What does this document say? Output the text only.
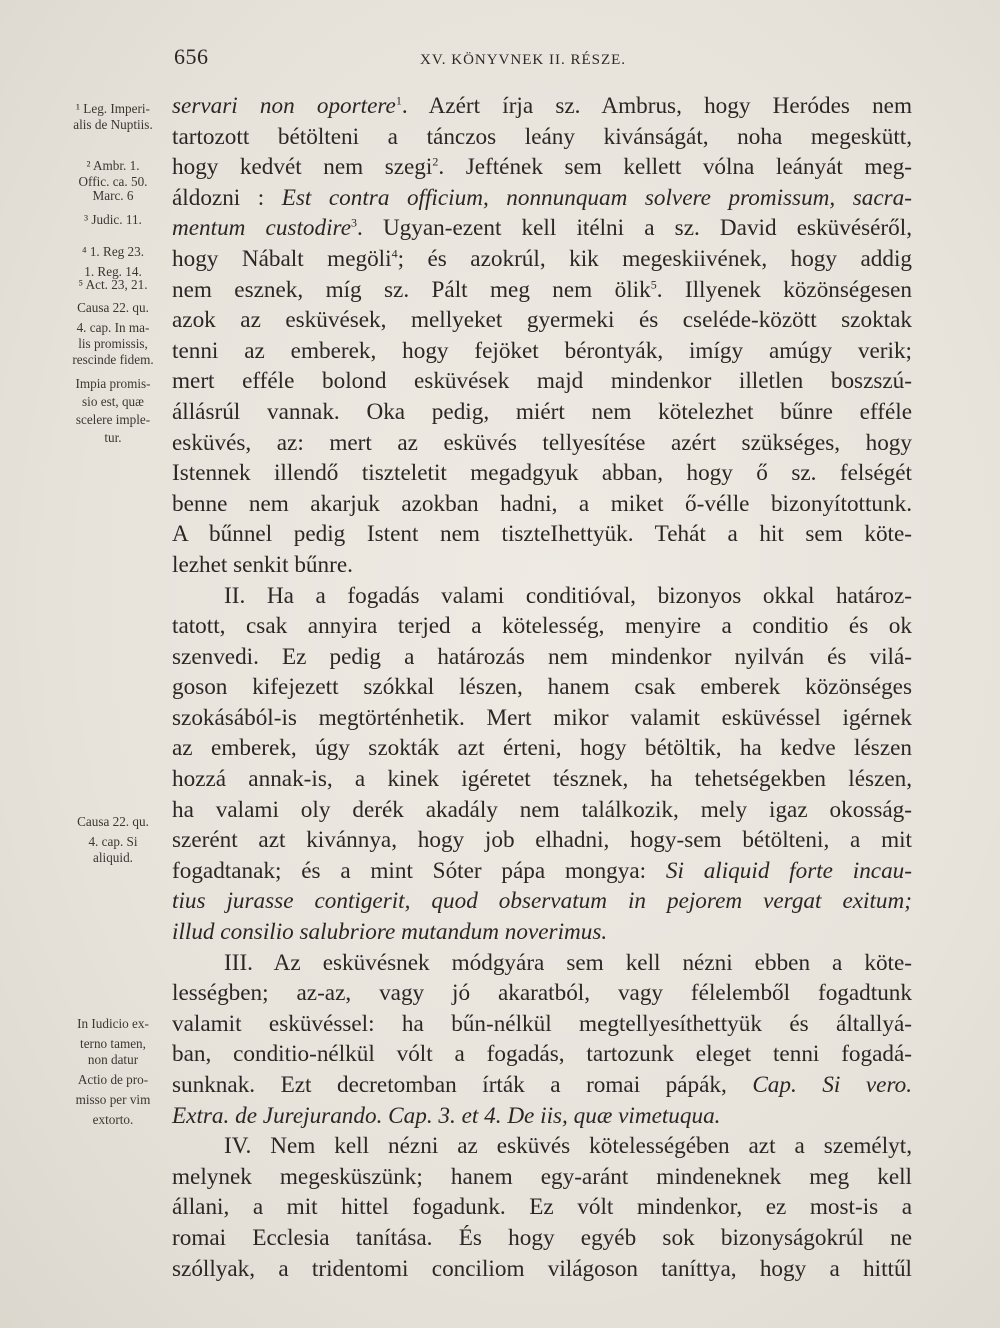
656	XV. KÖNYVNEK II. RÉSZE.
¹ Leg. Imperi-
alis de Nuptiis.
² Ambr. 1.
Offic. ca. 50.
Marc. 6
³ Judic. 11.
⁴ 1. Reg 23.
1. Reg. 14.
⁵ Act. 23, 21.
Causa 22. qu.
4. cap. In ma-
lis promissis,
rescinde fidem.
Impia promis-
sio est, quæ
scelere imple-
tur.
Causa 22. qu.
4. cap. Si
aliquid.
In Iudicio ex-
terno tamen,
non datur
Actio de pro-
misso per vim
extorto.
servari non oportere$^1$. Azért írja sz. Ambrus, hogy Heródes nem
tartozott bétölteni a tánczos leány kivánságát, noha megeskütt,
hogy kedvét nem szegi$^2$. Jeftének sem kellett vólna leányát meg-
áldozni : Est contra officium, nonnunquam solvere promissum, sacra-
mentum custodire$^3$. Ugyan-ezent kell itélni a sz. David esküvéséről,
hogy Nábalt megöli$^4$; és azokrúl, kik megeskiivének, hogy addig
nem esznek, míg sz. Pált meg nem ölik$^5$. Illyenek közönségesen
azok az esküvések, mellyeket gyermeki és cseléde-között szoktak
tenni az emberek, hogy fejöket bérontyák, imígy amúgy verik;
mert efféle bolond esküvések majd mindenkor illetlen boszszú-
állásrúl vannak. Oka pedig, miért nem kötelezhet bűnre efféle
esküvés, az: mert az esküvés tellyesítése azért szükséges, hogy
Istennek illendő tiszteletit megadgyuk abban, hogy ő sz. felségét
benne nem akarjuk azokban hadni, a miket ő-vélle bizonyítottunk.
A bűnnel pedig Istent nem tiszteIhettyük. Tehát a hit sem köte-
lezhet senkit bűnre.
II. Ha a fogadás valami conditióval, bizonyos okkal határoz-
tatott, csak annyira terjed a kötelesség, menyire a conditio és ok
szenvedi. Ez pedig a határozás nem mindenkor nyilván és vilá-
goson kifejezett szókkal lészen, hanem csak emberek közönséges
szokásából-is megtörténhetik. Mert mikor valamit esküvéssel igérnek
az emberek, úgy szokták azt érteni, hogy bétöltik, ha kedve lészen
hozzá annak-is, a kinek igéretet tésznek, ha tehetségekben lészen,
ha valami oly derék akadály nem találkozik, mely igaz okosság-
szerént azt kivánnya, hogy job elhadni, hogy-sem bétölteni, a mit
fogadtanak; és a mint Sóter pápa mongya: Si aliquid forte incau-
tius jurasse contigerit, quod observatum in pejorem vergat exitum;
illud consilio salubriore mutandum noverimus.
III. Az esküvésnek módgyára sem kell nézni ebben a köte-
lességben; az-az, vagy jó akaratból, vagy félelemből fogadtunk
valamit esküvéssel: ha bűn-nélkül megtellyesíthettyük és általlyá-
ban, conditio-nélkül vólt a fogadás, tartozunk eleget tenni fogadá-
sunknak. Ezt decretomban írták a romai pápák, Cap. Si vero.
Extra. de Jurejurando. Cap. 3. et 4. De iis, quæ vimetuqua.
IV. Nem kell nézni az esküvés kötelességében azt a személyt,
melynek megesküszünk; hanem egy-aránt mindeneknek meg kell
állani, a mit hittel fogadunk. Ez vólt mindenkor, ez most-is a
romai Ecclesia tanítása. És hogy egyéb sok bizonyságokrúl ne
szóllyak, a tridentomi conciliom világoson taníttya, hogy a hittűl
